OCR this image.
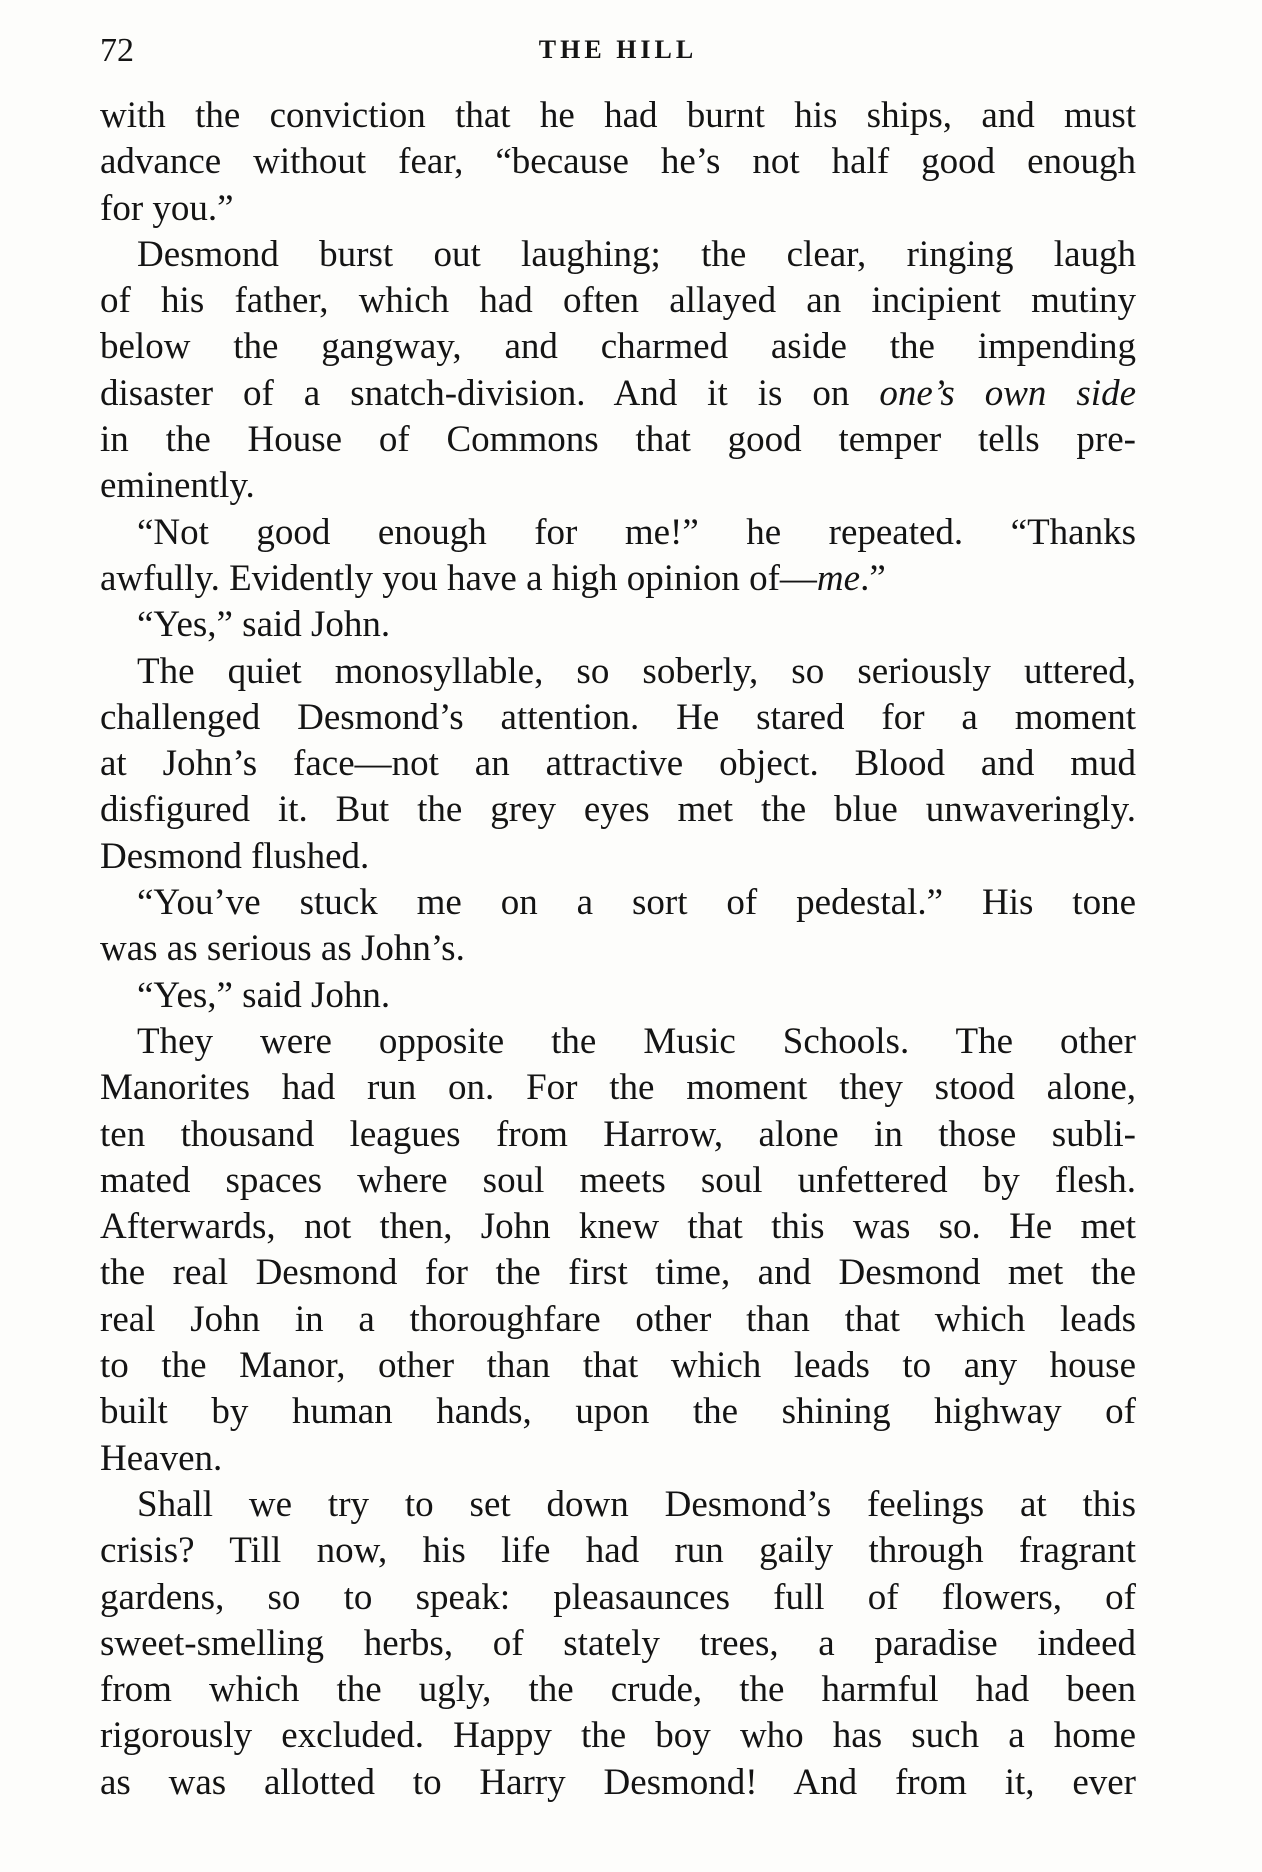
72	THE HILL
with the conviction that he had burnt his ships, and must
advance without fear, “because he’s not half good enough
for you.”
Desmond burst out laughing; the clear, ringing laugh
of his father, which had often allayed an incipient mutiny
below the gangway, and charmed aside the impending
disaster of a snatch-division. And it is on one’s own side
in the House of Commons that good temper tells pre-
eminently.
“Not good enough for me!” he repeated. “Thanks
awfully. Evidently you have a high opinion of—me.”
“Yes,” said John.
The quiet monosyllable, so soberly, so seriously uttered,
challenged Desmond’s attention. He stared for a moment
at John’s face—not an attractive object. Blood and mud
disfigured it. But the grey eyes met the blue unwaveringly.
Desmond flushed.
“You’ve stuck me on a sort of pedestal.” His tone
was as serious as John’s.
“Yes,” said John.
They were opposite the Music Schools. The other
Manorites had run on. For the moment they stood alone,
ten thousand leagues from Harrow, alone in those subli-
mated spaces where soul meets soul unfettered by flesh.
Afterwards, not then, John knew that this was so. He met
the real Desmond for the first time, and Desmond met the
real John in a thoroughfare other than that which leads
to the Manor, other than that which leads to any house
built by human hands, upon the shining highway of
Heaven.
Shall we try to set down Desmond’s feelings at this
crisis? Till now, his life had run gaily through fragrant
gardens, so to speak: pleasaunces full of flowers, of
sweet-smelling herbs, of stately trees, a paradise indeed
from which the ugly, the crude, the harmful had been
rigorously excluded. Happy the boy who has such a home
as was allotted to Harry Desmond! And from it, ever
